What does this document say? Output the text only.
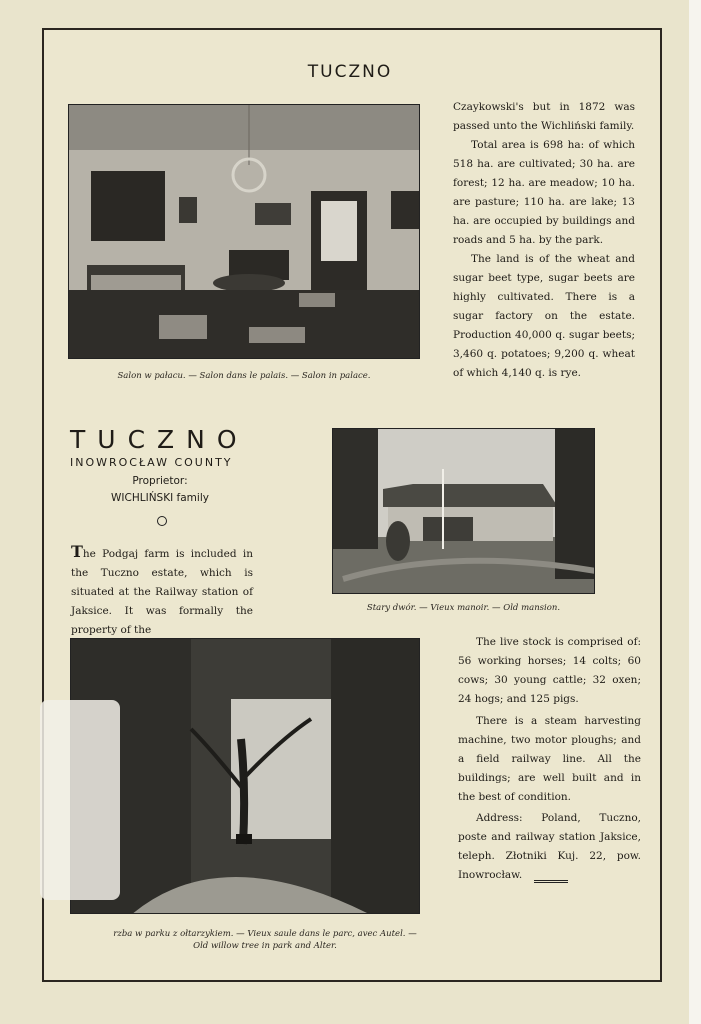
TUCZNO
Salon w pałacu. — Salon dans le palais. — Salon in palace.

Czaykowski's but in 1872 was passed unto the Wichliński family.

Total area is 698 ha: of which 518 ha. are cultivated; 30 ha. are forest; 12 ha. are meadow; 10 ha. are pasture; 110 ha. are lake; 13 ha. are occupied by buildings and roads and 5 ha. by the park.

The land is of the wheat and sugar beet type, sugar beets are highly cultivated. There is a sugar factory on the estate. Production 40,000 q. sugar beets; 3,460 q. potatoes; 9,200 q. wheat of which 4,140 q. is rye.

TUCZNO
INOWROCŁAW COUNTY
Proprietor:
WICHLIŃSKI family

The Podgaj farm is included in the Tuczno estate, which is situated at the Railway station of Jaksice. It was formally the property of the

Stary dwór. — Vieux manoir. — Old mansion.
rzba w parku z ołtarzykiem. — Vieux saule dans le parc, avec Autel. —
Old willow tree in park and Alter.

The live stock is comprised of: 56 working horses; 14 colts; 60 cows; 30 young cattle; 32 oxen; 24 hogs; and 125 pigs.

There is a steam harvesting machine, two motor ploughs; and a field railway line. All the buildings; are well built and in the best of condition.

Address: Poland, Tuczno, poste and railway station Jaksice, teleph. Złotniki Kuj. 22, pow. Inowrocław.
